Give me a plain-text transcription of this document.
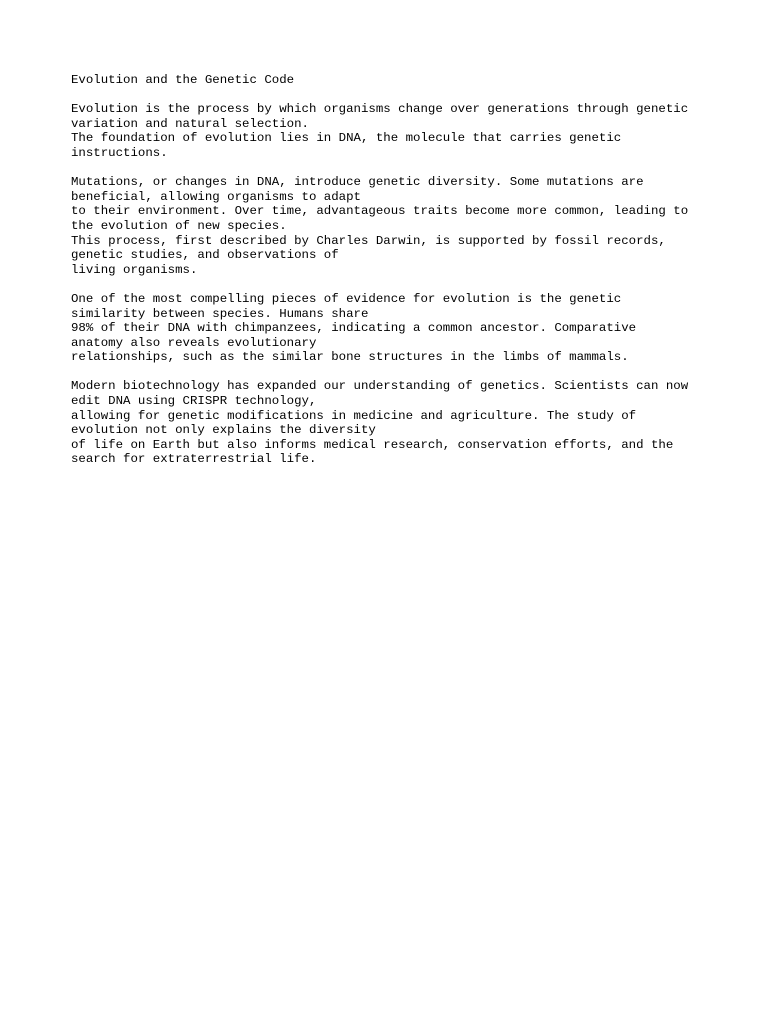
Evolution and the Genetic Code
Evolution is the process by which organisms change over generations through genetic
variation and natural selection.
The foundation of evolution lies in DNA, the molecule that carries genetic
instructions.
Mutations, or changes in DNA, introduce genetic diversity. Some mutations are
beneficial, allowing organisms to adapt
to their environment. Over time, advantageous traits become more common, leading to
the evolution of new species.
This process, first described by Charles Darwin, is supported by fossil records,
genetic studies, and observations of
living organisms.
One of the most compelling pieces of evidence for evolution is the genetic
similarity between species. Humans share
98% of their DNA with chimpanzees, indicating a common ancestor. Comparative
anatomy also reveals evolutionary
relationships, such as the similar bone structures in the limbs of mammals.
Modern biotechnology has expanded our understanding of genetics. Scientists can now
edit DNA using CRISPR technology,
allowing for genetic modifications in medicine and agriculture. The study of
evolution not only explains the diversity
of life on Earth but also informs medical research, conservation efforts, and the
search for extraterrestrial life.
